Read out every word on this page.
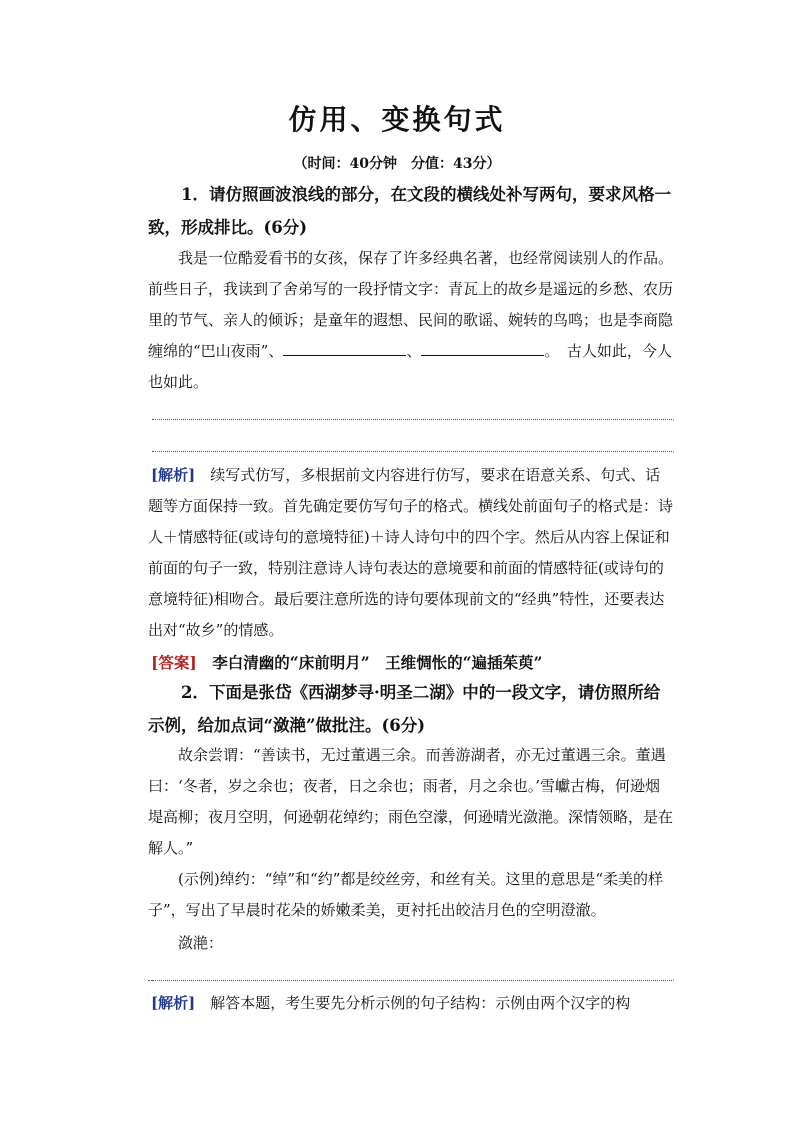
仿用、变换句式
（时间：40分钟　分值：43分）
1．请仿照画波浪线的部分，在文段的横线处补写两句，要求风格一致，形成排比。(6分)
我是一位酷爱看书的女孩，保存了许多经典名著，也经常阅读别人的作品。前些日子，我读到了舍弟写的一段抒情文字：青瓦上的故乡是遥远的乡愁、农历里的节气、亲人的倾诉；是童年的遐想、民间的歌谣、婉转的鸟鸣；也是李商隐缠绵的“巴山夜雨”、	、	。　古人如此，今人也如此。
[解析]　 续写式仿写，多根据前文内容进行仿写，要求在语意关系、句式、话题等方面保持一致。首先确定要仿写句子的格式。横线处前面句子的格式是：诗人＋情感特征(或诗句的意境特征)＋诗人诗句中的四个字。然后从内容上保证和前面的句子一致，特别注意诗人诗句表达的意境要和前面的情感特征(或诗句的意境特征)相吻合。最后要注意所选的诗句要体现前文的“经典”特性，还要表达出对“故乡”的情感。
[答案]　 李白清幽的“床前明月”　王维惆怅的“遍插茱萸”
2．下面是张岱《西湖梦寻·明圣二湖》中的一段文字，请仿照所给示例，给加点词“潋滟”做批注。(6分)
故余尝谓：“善读书，无过董遇三余。而善游湖者，亦无过董遇三余。董遇曰：‘冬者，岁之余也；夜者，日之余也；雨者，月之余也。’雪巘古梅，何逊烟堤高柳；夜月空明，何逊朝花绰约；雨色空濛，何逊晴光潋滟。深情领略，是在解人。”
(示例)绰约：“绰”和“约”都是绞丝旁，和丝有关。这里的意思是“柔美的样子”，写出了早晨时花朵的娇嫩柔美，更衬托出皎洁月色的空明澄澈。
潋滟：
[解析]　 解答本题，考生要先分析示例的句子结构：示例由两个汉字的构
